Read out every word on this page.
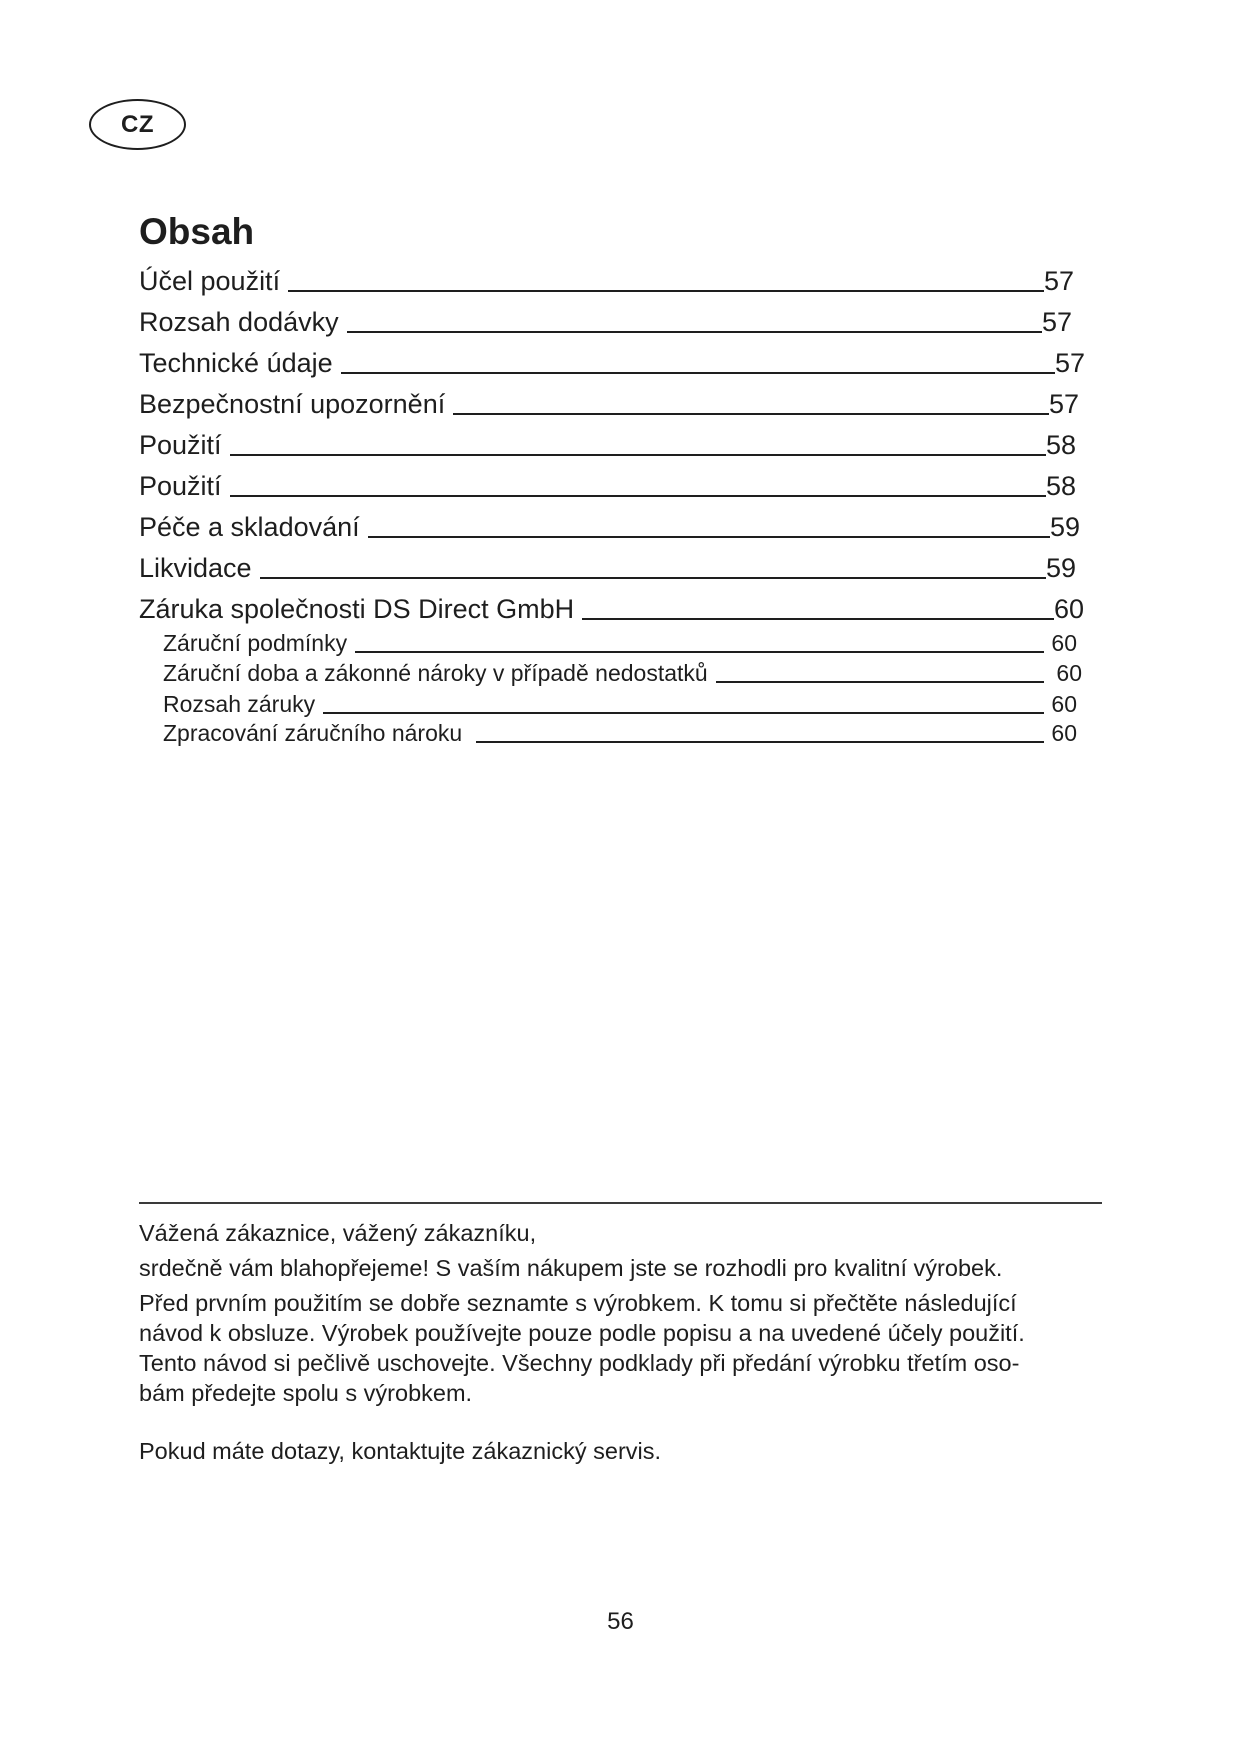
CZ
Obsah
Účel použití	57
Rozsah dodávky	57
Technické údaje	57
Bezpečnostní upozornění	57
Použití	58
Použití	58
Péče a skladování	59
Likvidace	59
Záruka společnosti DS Direct GmbH	60
Záruční podmínky	60
Záruční doba a zákonné nároky v případě nedostatků	60
Rozsah záruky	60
Zpracování záručního nároku	60

Vážená zákaznice, vážený zákazníku,

srdečně vám blahopřejeme! S vaším nákupem jste se rozhodli pro kvalitní výrobek.

Před prvním použitím se dobře seznamte s výrobkem. K tomu si přečtěte následující
návod k obsluze. Výrobek používejte pouze podle popisu a na uvedené účely použití.
Tento návod si pečlivě uschovejte. Všechny podklady při předání výrobku třetím oso-
bám předejte spolu s výrobkem.

Pokud máte dotazy, kontaktujte zákaznický servis.

56
